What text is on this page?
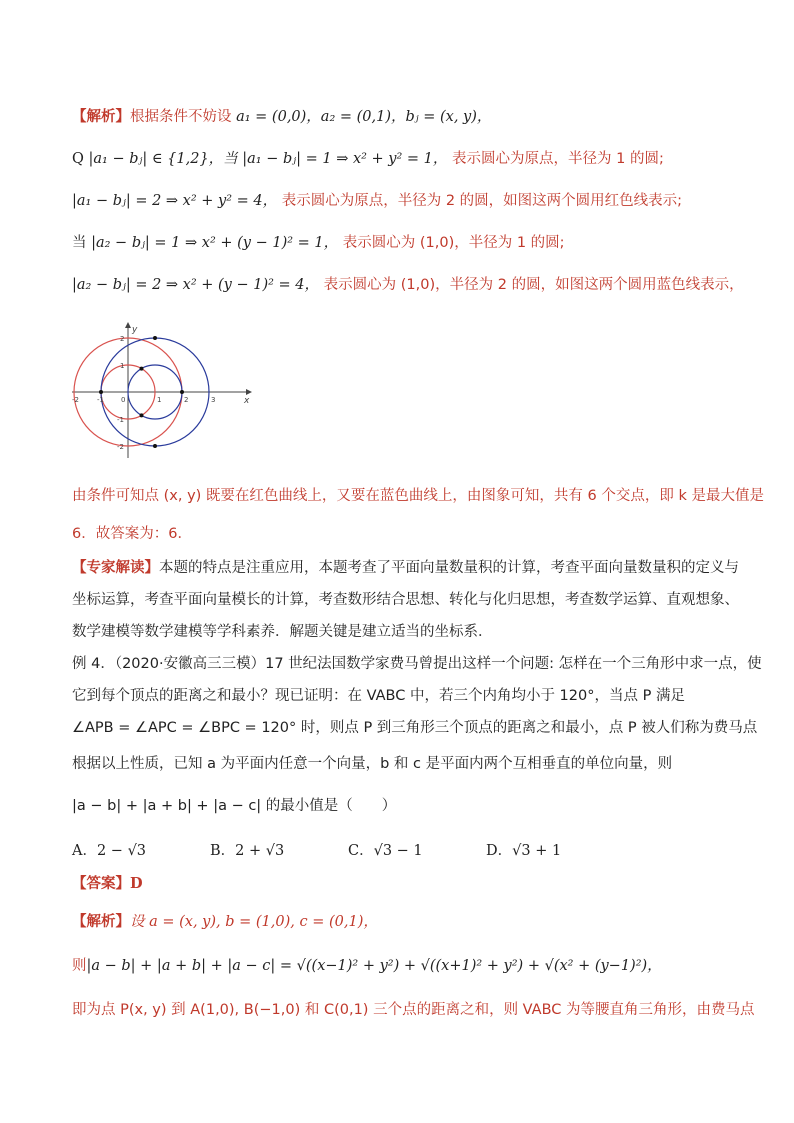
【解析】根据条件不妨设 a₁ = (0,0)，a₂ = (0,1)，bⱼ = (x, y)，
Q |a₁ − bⱼ| ∈ {1,2}，当 |a₁ − bⱼ| = 1 ⇒ x² + y² = 1， 表示圆心为原点，半径为 1 的圆;
|a₁ − bⱼ| = 2 ⇒ x² + y² = 4， 表示圆心为原点，半径为 2 的圆，如图这两个圆用红色线表示;
当 |a₂ − bⱼ| = 1 ⇒ x² + (y − 1)² = 1， 表示圆心为 (1,0)，半径为 1 的圆;
|a₂ − bⱼ| = 2 ⇒ x² + (y − 1)² = 4， 表示圆心为 (1,0)，半径为 2 的圆，如图这两个圆用蓝色线表示，
-2	-1 0	1	2	3
2
1
-1
-2
x
y
由条件可知点 (x, y) 既要在红色曲线上，又要在蓝色曲线上，由图象可知，共有 6 个交点，即 k 是最大值是
6．故答案为：6．
【专家解读】本题的特点是注重应用，本题考查了平面向量数量积的计算，考查平面向量数量积的定义与
坐标运算，考查平面向量模长的计算，考查数形结合思想、转化与化归思想，考查数学运算、直观想象、
数学建模等数学建模等学科素养．解题关键是建立适当的坐标系．
例 4．（2020·安徽高三三模）17 世纪法国数学家费马曾提出这样一个问题: 怎样在一个三角形中求一点，使
它到每个顶点的距离之和最小？现已证明：在 VABC 中，若三个内角均小于 120°，当点 P 满足
∠APB = ∠APC = ∠BPC = 120° 时，则点 P 到三角形三个顶点的距离之和最小，点 P 被人们称为费马点
根据以上性质，已知 a 为平面内任意一个向量，b 和 c 是平面内两个互相垂直的单位向量，则
|a − b| + |a + b| + |a − c| 的最小值是（　　）
A．2 − √3	B．2 + √3	C．√3 − 1	D．√3 + 1
【答案】D
【解析】设 a = (x, y), b = (1,0), c = (0,1)，
则|a − b| + |a + b| + |a − c| = √((x−1)² + y²) + √((x+1)² + y²) + √(x² + (y−1)²)，
即为点 P(x, y) 到 A(1,0), B(−1,0) 和 C(0,1) 三个点的距离之和，则 VABC 为等腰直角三角形，由费马点
